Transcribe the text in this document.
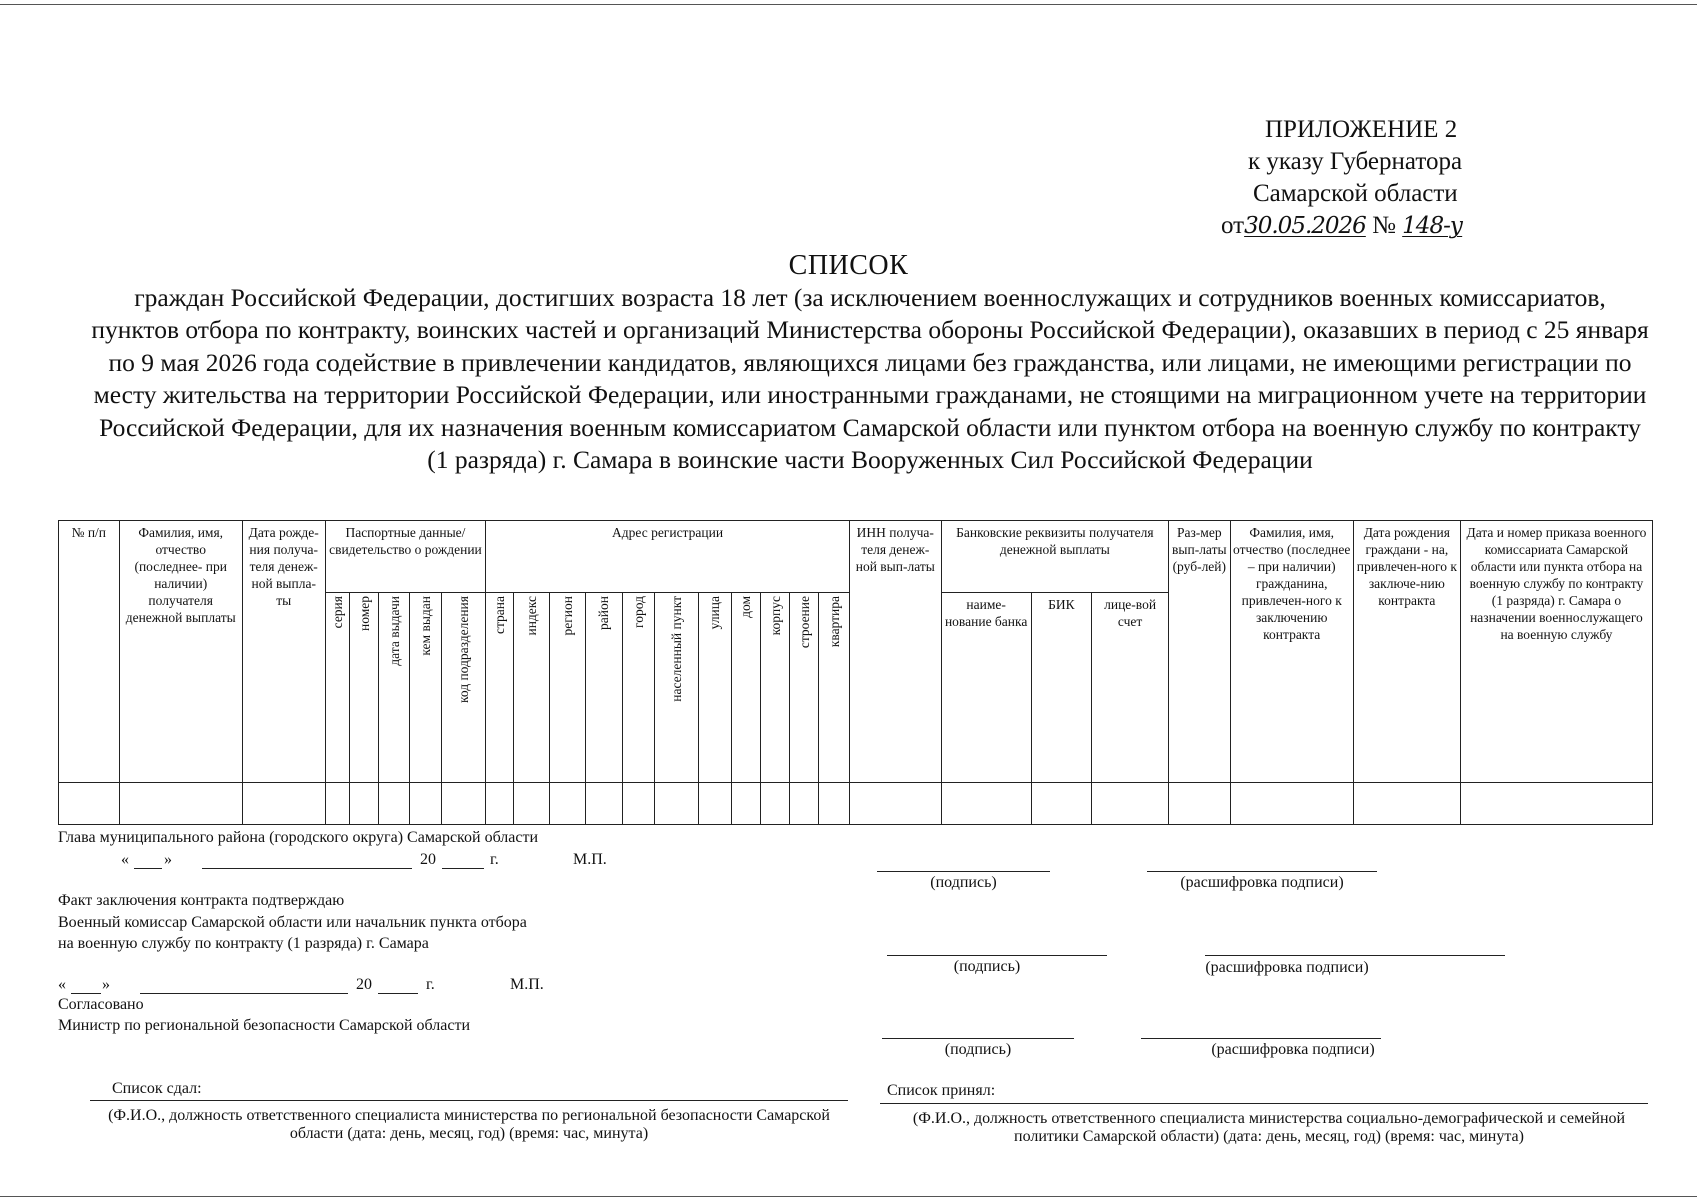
ПРИЛОЖЕНИЕ 2
к указу Губернатора
Самарской области
от30.05.2026 № 148-у
СПИСОК
граждан Российской Федерации, достигших возраста 18 лет (за исключением военнослужащих и сотрудников военных комиссариатов, пунктов отбора по контракту, воинских частей и организаций Министерства обороны Российской Федерации), оказавших в период с 25 января по 9 мая 2026 года содействие в привлечении кандидатов, являющихся лицами без гражданства, или лицами, не имеющими регистрации по месту жительства на территории Российской Федерации, или иностранными гражданами, не стоящими на миграционном учете на территории Российской Федерации, для их назначения военным комиссариатом Самарской области или пунктом отбора на военную службу по контракту (1 разряда) г. Самара в воинские части Вооруженных Сил Российской Федерации
№ п/п	Фамилия, имя, отчество (последнее- при наличии) получателя денежной выплаты	Дата рожде-ния получа-теля денеж-ной выпла-ты	Паспортные данные/ свидетельство о рождении					Адрес регистрации											ИНН получа-теля денеж-ной вып-латы	Банковские реквизиты получателя денежной выплаты			Раз-мер вып-латы (руб-лей)	Фамилия, имя, отчество (последнее – при наличии) гражданина, привлечен-ного к заключению контракта	Дата рождения граждани - на, привлечен-ного к заключе-нию контракта	Дата и номер приказа военного комиссариата Самарской области или пункта отбора на военную службу по контракту (1 разряда) г. Самара о назначении военнослужащего на военную службу
			серия	номер	дата выдачи	кем выдан	код подразделения	страна	индекс	регион	район	город	населенный пункт	улица	дом	корпус	строение	квартира		наиме-нование банка	БИК	лице-вой счет				

Глава муниципального района (городского округа) Самарской области
« »	20	г.	М.П.
(подпись)	(расшифровка подписи)
Факт заключения контракта подтверждаю
Военный комиссар Самарской области или начальник пункта отбора
на военную службу по контракту (1 разряда) г. Самара
(подпись)	(расшифровка подписи)
« »	20	г.	М.П.
Согласовано
Министр по региональной безопасности Самарской области
(подпись)	(расшифровка подписи)
Список сдал:
(Ф.И.О., должность ответственного специалиста министерства по региональной безопасности Самарской области (дата: день, месяц, год) (время: час, минута)
Список принял:
(Ф.И.О., должность ответственного специалиста министерства социально-демографической и семейной политики Самарской области) (дата: день, месяц, год) (время: час, минута)
